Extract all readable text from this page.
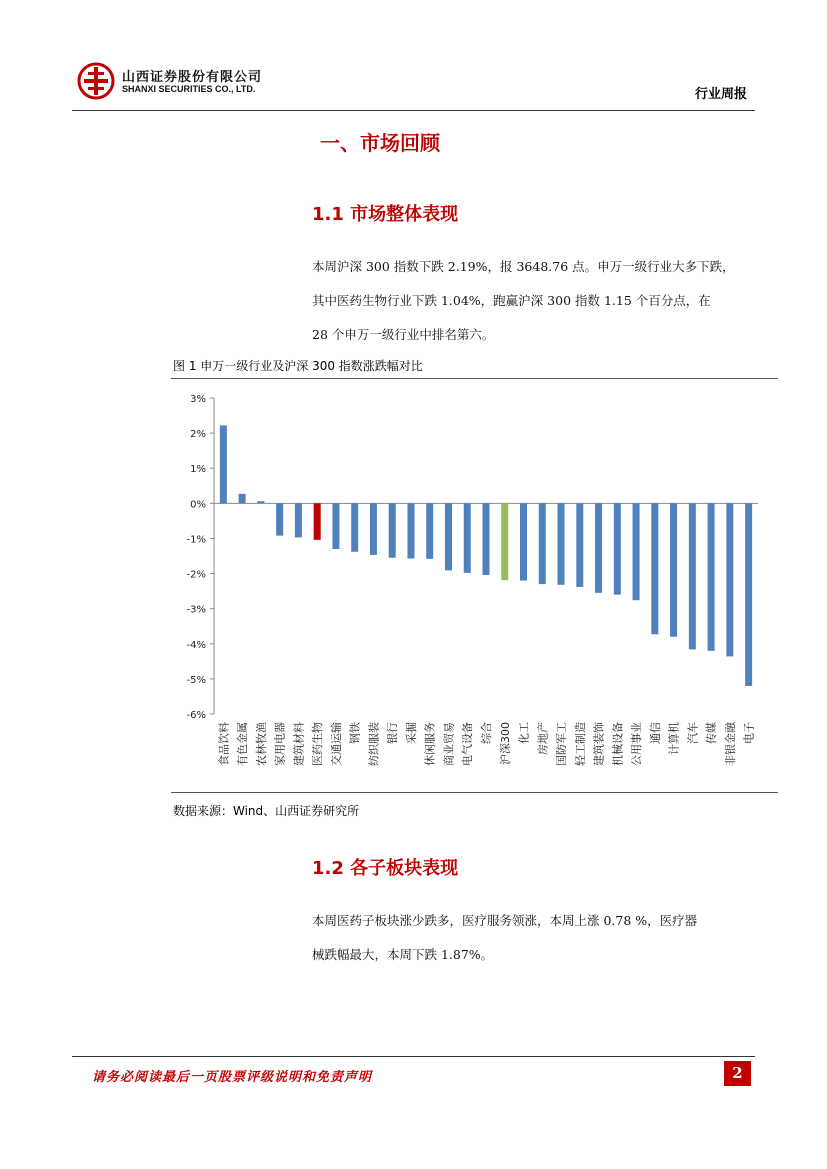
山西证券股份有限公司
SHANXI SECURITIES CO., LTD.	行业周报
一、市场回顾
1.1 市场整体表现
本周沪深 300 指数下跌 2.19%，报 3648.76 点。申万一级行业大多下跌，
其中医药生物行业下跌 1.04%，跑赢沪深 300 指数 1.15 个百分点，在
28 个申万一级行业中排名第六。
图 1 申万一级行业及沪深 300 指数涨跌幅对比
3%
2%
1%
0%
-1%
-2%
-3%
-4%
-5%
-6%
食品饮料 有色金属 农林牧渔 家用电器 建筑材料 医药生物 交通运输 钢铁 纺织服装 银行 采掘 休闲服务 商业贸易 电气设备 综合 沪深300 化工 房地产 国防军工 轻工制造 建筑装饰 机械设备 公用事业 通信 计算机 汽车 传媒 非银金融 电子
数据来源：Wind、山西证券研究所
1.2 各子板块表现
本周医药子板块涨少跌多，医疗服务领涨，本周上涨 0.78 %，医疗器
械跌幅最大，本周下跌 1.87%。
请务必阅读最后一页股票评级说明和免责声明	2
